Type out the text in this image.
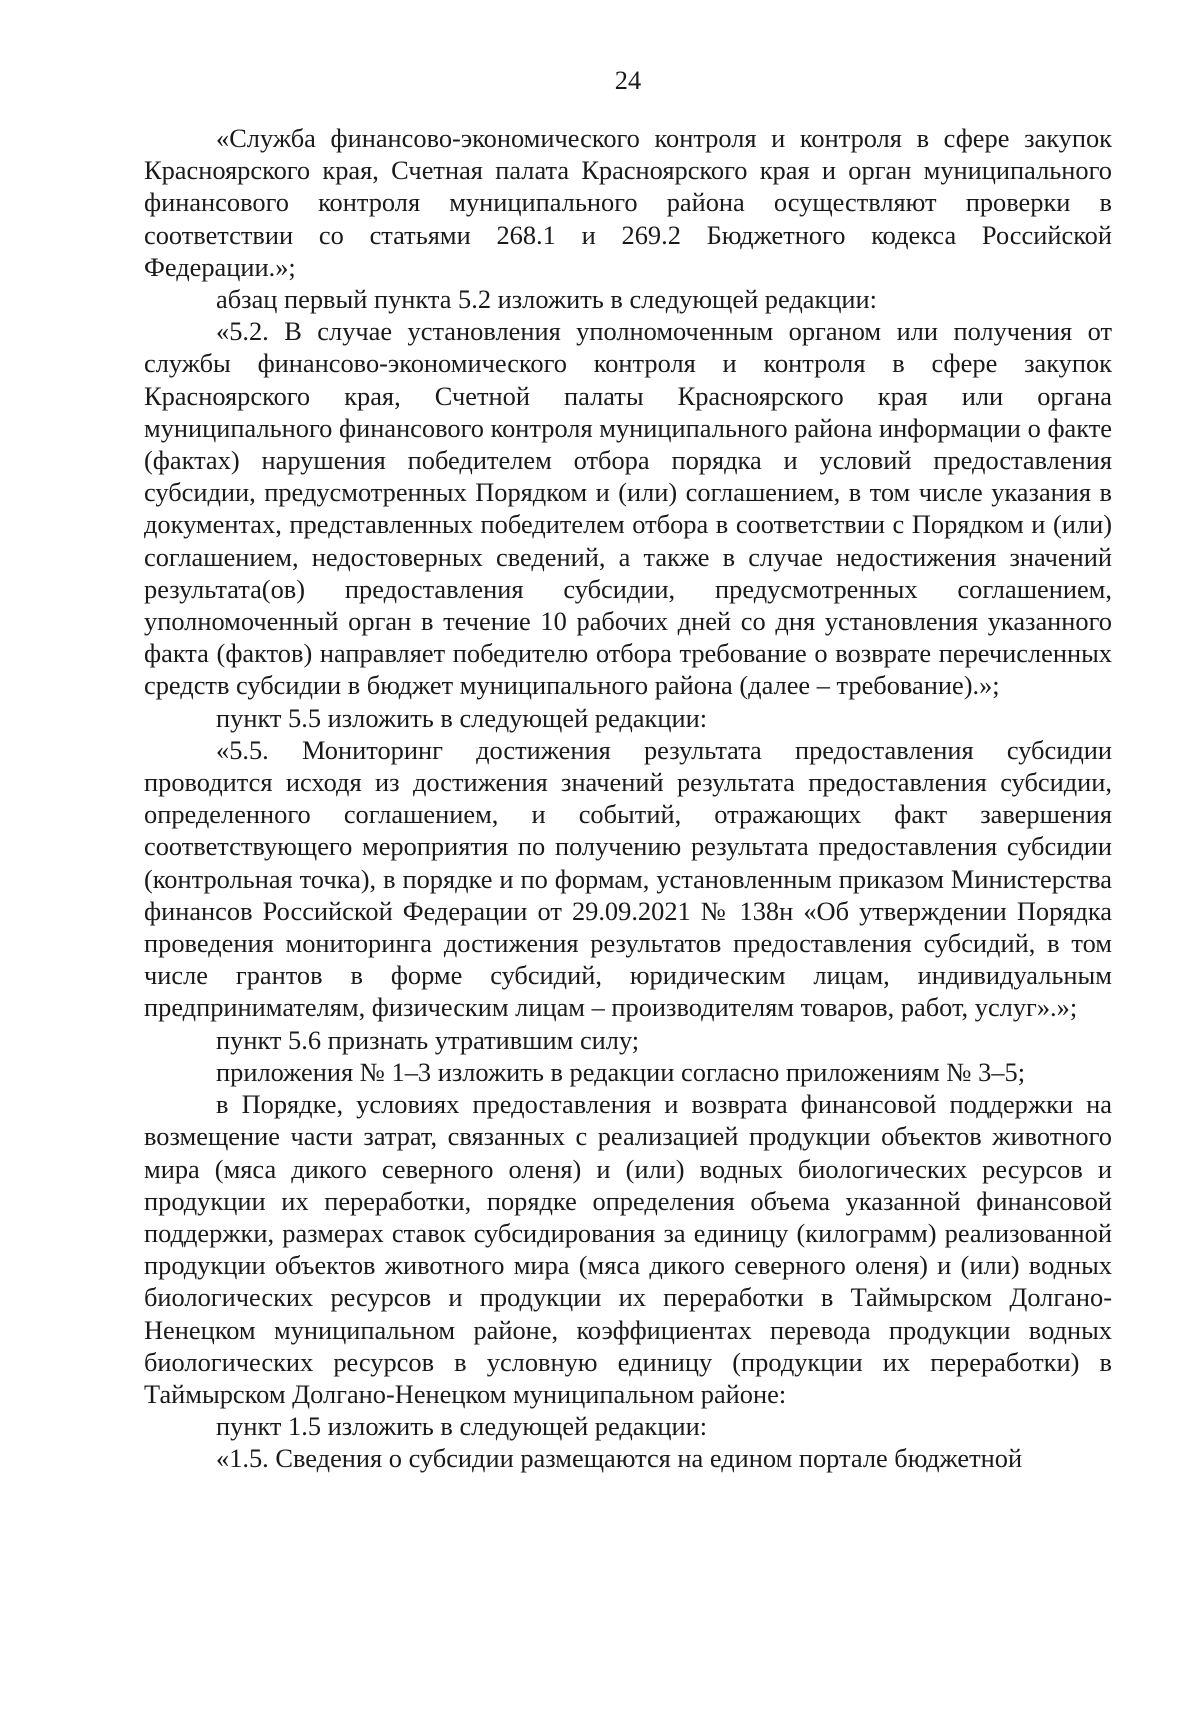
24

«Служба финансово-экономического контроля и контроля в сфере закупок Красноярского края, Счетная палата Красноярского края и орган муниципального финансового контроля муниципального района осуществляют проверки в соответствии со статьями 268.1 и 269.2 Бюджетного кодекса Российской Федерации.»;

абзац первый пункта 5.2 изложить в следующей редакции:

«5.2. В случае установления уполномоченным органом или получения от службы финансово-экономического контроля и контроля в сфере закупок Красноярского края, Счетной палаты Красноярского края или органа муниципального финансового контроля муниципального района информации о факте (фактах) нарушения победителем отбора порядка и условий предоставления субсидии, предусмотренных Порядком и (или) соглашением, в том числе указания в документах, представленных победителем отбора в соответствии с Порядком и (или) соглашением, недостоверных сведений, а также в случае недостижения значений результата(ов) предоставления субсидии, предусмотренных соглашением, уполномоченный орган в течение 10 рабочих дней со дня установления указанного факта (фактов) направляет победителю отбора требование о возврате перечисленных средств субсидии в бюджет муниципального района (далее – требование).»;

пункт 5.5 изложить в следующей редакции:

«5.5. Мониторинг достижения результата предоставления субсидии проводится исходя из достижения значений результата предоставления субсидии, определенного соглашением, и событий, отражающих факт завершения соответствующего мероприятия по получению результата предоставления субсидии (контрольная точка), в порядке и по формам, установленным приказом Министерства финансов Российской Федерации от 29.09.2021 № 138н «Об утверждении Порядка проведения мониторинга достижения результатов предоставления субсидий, в том числе грантов в форме субсидий, юридическим лицам, индивидуальным предпринимателям, физическим лицам – производителям товаров, работ, услуг».»;

пункт 5.6 признать утратившим силу;

приложения № 1–3 изложить в редакции согласно приложениям № 3–5;

в Порядке, условиях предоставления и возврата финансовой поддержки на возмещение части затрат, связанных с реализацией продукции объектов животного мира (мяса дикого северного оленя) и (или) водных биологических ресурсов и продукции их переработки, порядке определения объема указанной финансовой поддержки, размерах ставок субсидирования за единицу (килограмм) реализованной продукции объектов животного мира (мяса дикого северного оленя) и (или) водных биологических ресурсов и продукции их переработки в Таймырском Долгано-Ненецком муниципальном районе, коэффициентах перевода продукции водных биологических ресурсов в условную единицу (продукции их переработки) в Таймырском Долгано-Ненецком муниципальном районе:

пункт 1.5 изложить в следующей редакции:

«1.5. Сведения о субсидии размещаются на едином портале бюджетной
